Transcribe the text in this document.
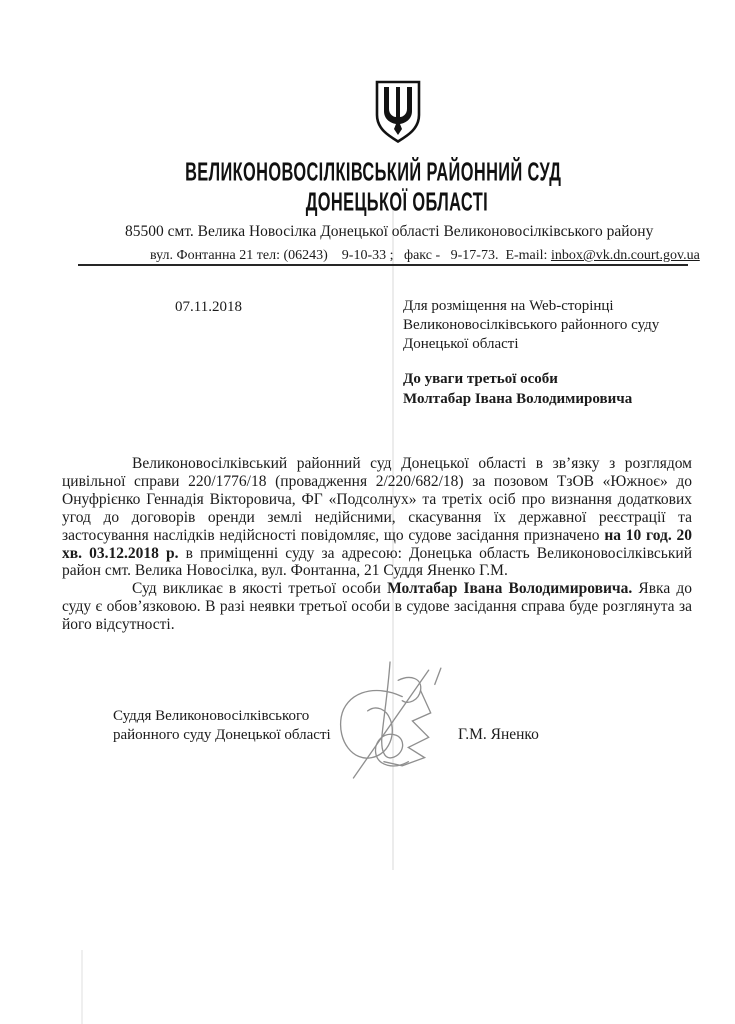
ВЕЛИКОНОВОСІЛКІВСЬКИЙ РАЙОННИЙ СУД
ДОНЕЦЬКОЇ ОБЛАСТІ
85500 смт. Велика Новосілка Донецької області Великоновосілківського району
вул. Фонтанна 21 тел: (06243)    9-10-33 ;   факс -   9-17-73.  E-mail: inbox@vk.dn.court.gov.ua
07.11.2018	Для розміщення на Web-сторінці
Великоновосілківського районного суду
Донецької області
До уваги третьої особи
Молтабар Івана Володимировича

Великоновосілківський районний суд Донецької області в зв’язку з розглядом цивільної справи 220/1776/18 (провадження 2/220/682/18) за позовом ТзОВ «Южноє» до Онуфрієнко Геннадія Вікторовича, ФГ «Подсолнух» та третіх осіб про визнання додаткових угод до договорів оренди землі недійсними, скасування їх державної реєстрації та застосування наслідків недійсності повідомляє, що судове засідання призначено на 10 год. 20 хв. 03.12.2018 р. в приміщенні суду за адресою: Донецька область Великоновосілківський район смт. Велика Новосілка, вул. Фонтанна, 21 Суддя Яненко Г.М.

Суд викликає в якості третьої особи Молтабар Івана Володимировича. Явка до суду є обов’язковою. В разі неявки третьої особи в судове засідання справа буде розглянута за його відсутності.

Суддя Великоновосілківського
районного суду Донецької області	Г.М. Яненко
